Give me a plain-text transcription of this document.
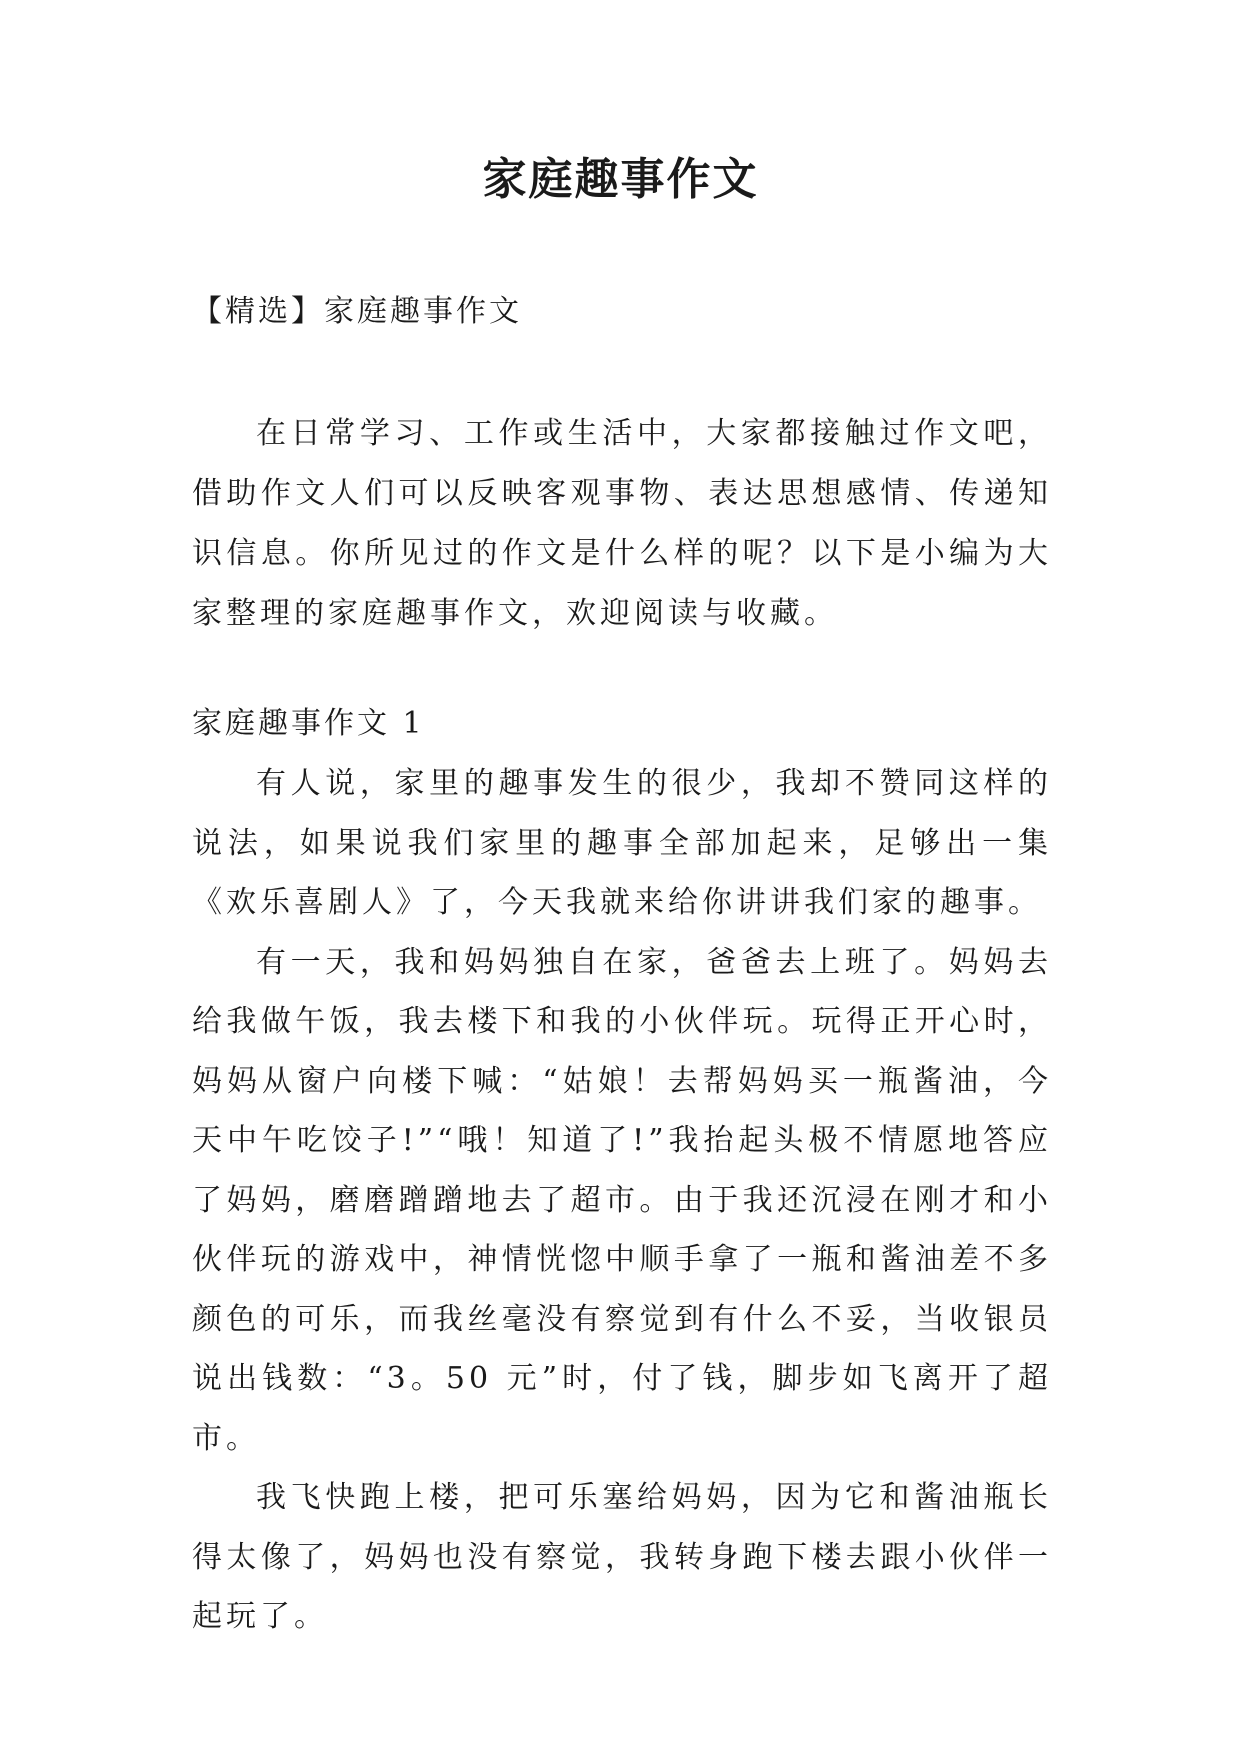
家庭趣事作文
【精选】家庭趣事作文
在日常学习、工作或生活中，大家都接触过作文吧，借助作文人们可以反映客观事物、表达思想感情、传递知识信息。你所见过的作文是什么样的呢？以下是小编为大家整理的家庭趣事作文，欢迎阅读与收藏。
家庭趣事作文 1

有人说，家里的趣事发生的很少，我却不赞同这样的说法，如果说我们家里的趣事全部加起来，足够出一集《欢乐喜剧人》了，今天我就来给你讲讲我们家的趣事。

有一天，我和妈妈独自在家，爸爸去上班了。妈妈去给我做午饭，我去楼下和我的小伙伴玩。玩得正开心时，妈妈从窗户向楼下喊：“姑娘！去帮妈妈买一瓶酱油，今天中午吃饺子!”“哦！知道了!”我抬起头极不情愿地答应了妈妈，磨磨蹭蹭地去了超市。由于我还沉浸在刚才和小伙伴玩的游戏中，神情恍惚中顺手拿了一瓶和酱油差不多颜色的可乐，而我丝毫没有察觉到有什么不妥，当收银员说出钱数：“3。50 元”时，付了钱，脚步如飞离开了超市。

我飞快跑上楼，把可乐塞给妈妈，因为它和酱油瓶长得太像了，妈妈也没有察觉，我转身跑下楼去跟小伙伴一起玩了。
